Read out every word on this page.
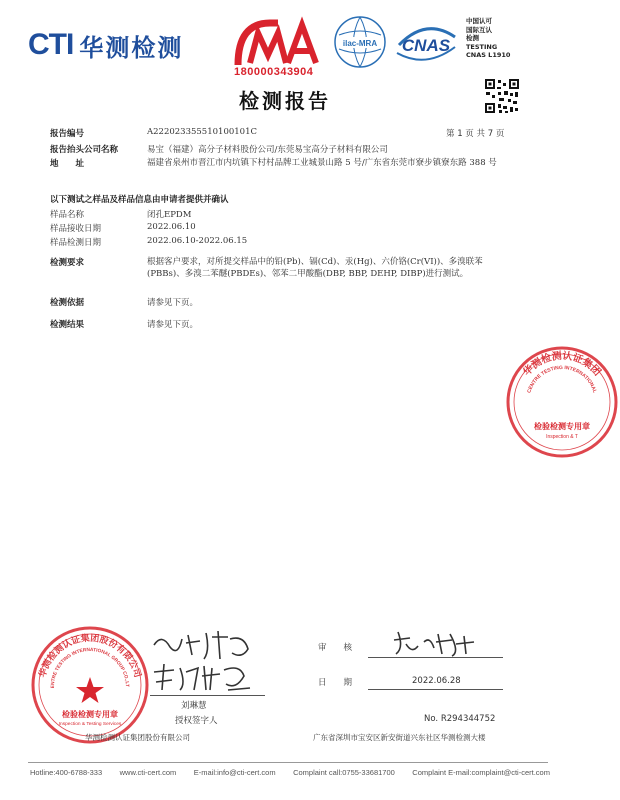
CTI 华测检测
180000343904
ilac-MRA CNAS
中国认可
国际互认
检测
TESTING
CNAS L1910
检测报告
报告编号	A2220233555101001​01C	第 1 页 共 7 页
报告抬头公司名称	易宝（福建）高分子材料股份公司/东莞易宝高分子材料有限公司
地　　址	福建省泉州市晋江市内坑镇下村村品牌工业城景山路 5 号/广东省东莞市寮步镇寮东路 388 号
以下测试之样品及样品信息由申请者提供并确认
样品名称	闭孔EPDM
样品接收日期	2022.06.10
样品检测日期	2022.06.10-2022.06.15
检测要求	根据客户要求，对所提交样品中的铅(Pb)、镉(Cd)、汞(Hg)、六价铬(Cr(VI))、多溴联苯(PBBs)、多溴二苯醚(PBDEs)、邻苯二甲酸酯(DBP, BBP, DEHP, DIBP)进行测试。
检测依据	请参见下页。
检测结果	请参见下页。
华测检测认证集团
CENTRE TESTING INTERNATIONAL
检验检测专用章
Inspection & T
华测检测认证集团股份有限公司
ENTRE TESTING INTERNATIONAL GROUP CO.,LT
检验检测专用章
Inspection & Testing Services
刘琳慧
授权签字人
审　　核
日　　期	2022.06.28
No. R294344752
华测检测认证集团股份有限公司	广东省深圳市宝安区新安街道兴东社区华测检测大楼
Hotline:400-6788-333 www.cti-cert.com E-mail:info@cti-cert.com Complaint call:0755-33681700 Complaint E-mail:complaint@cti-cert.com
